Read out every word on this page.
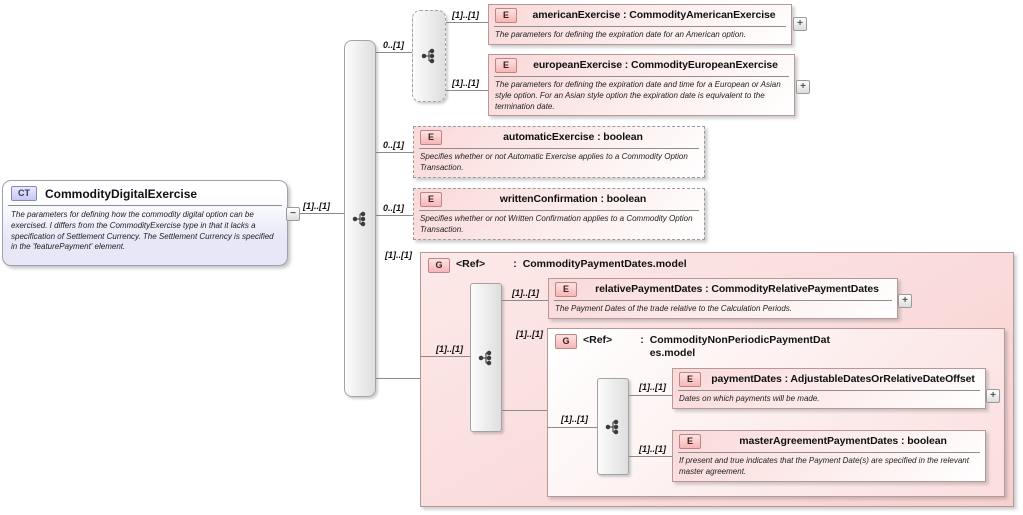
G	<Ref>	: CommodityPaymentDates.model
G	<Ref>	: CommodityNonPeriodicPaymentDates.model
[1]..[1]
0..[1]
[1]..[1]
[1]..[1]
0..[1]
0..[1]
[1]..[1]
[1]..[1]
[1]..[1]
[1]..[1]
[1]..[1]
[1]..[1]
[1]..[1]
CT	CommodityDigitalExercise
The parameters for defining how the commodity digital option can be exercised. I differs from the CommodityExercise type in that it lacks a specification of Settlement Currency. The Settlement Currency is specified in the 'featurePayment' element.
−
E	americanExercise : CommodityAmericanExercise
The parameters for defining the expiration date for an American option.
+
E	europeanExercise : CommodityEuropeanExercise
The parameters for defining the expiration date and time for a European or Asian style option. For an Asian style option the expiration date is equivalent to the termination date.
+
E	automaticExercise : boolean
Specifies whether or not Automatic Exercise applies to a Commodity Option Transaction.
E	writtenConfirmation : boolean
Specifies whether or not Written Confirmation applies to a Commodity Option Transaction.
E	relativePaymentDates : CommodityRelativePaymentDates
The Payment Dates of the trade relative to the Calculation Periods.
+
E	paymentDates : AdjustableDatesOrRelativeDateOffset
Dates on which payments will be made.	+
E	masterAgreementPaymentDates : boolean
If present and true indicates that the Payment Date(s) are specified in the relevant master agreement.
